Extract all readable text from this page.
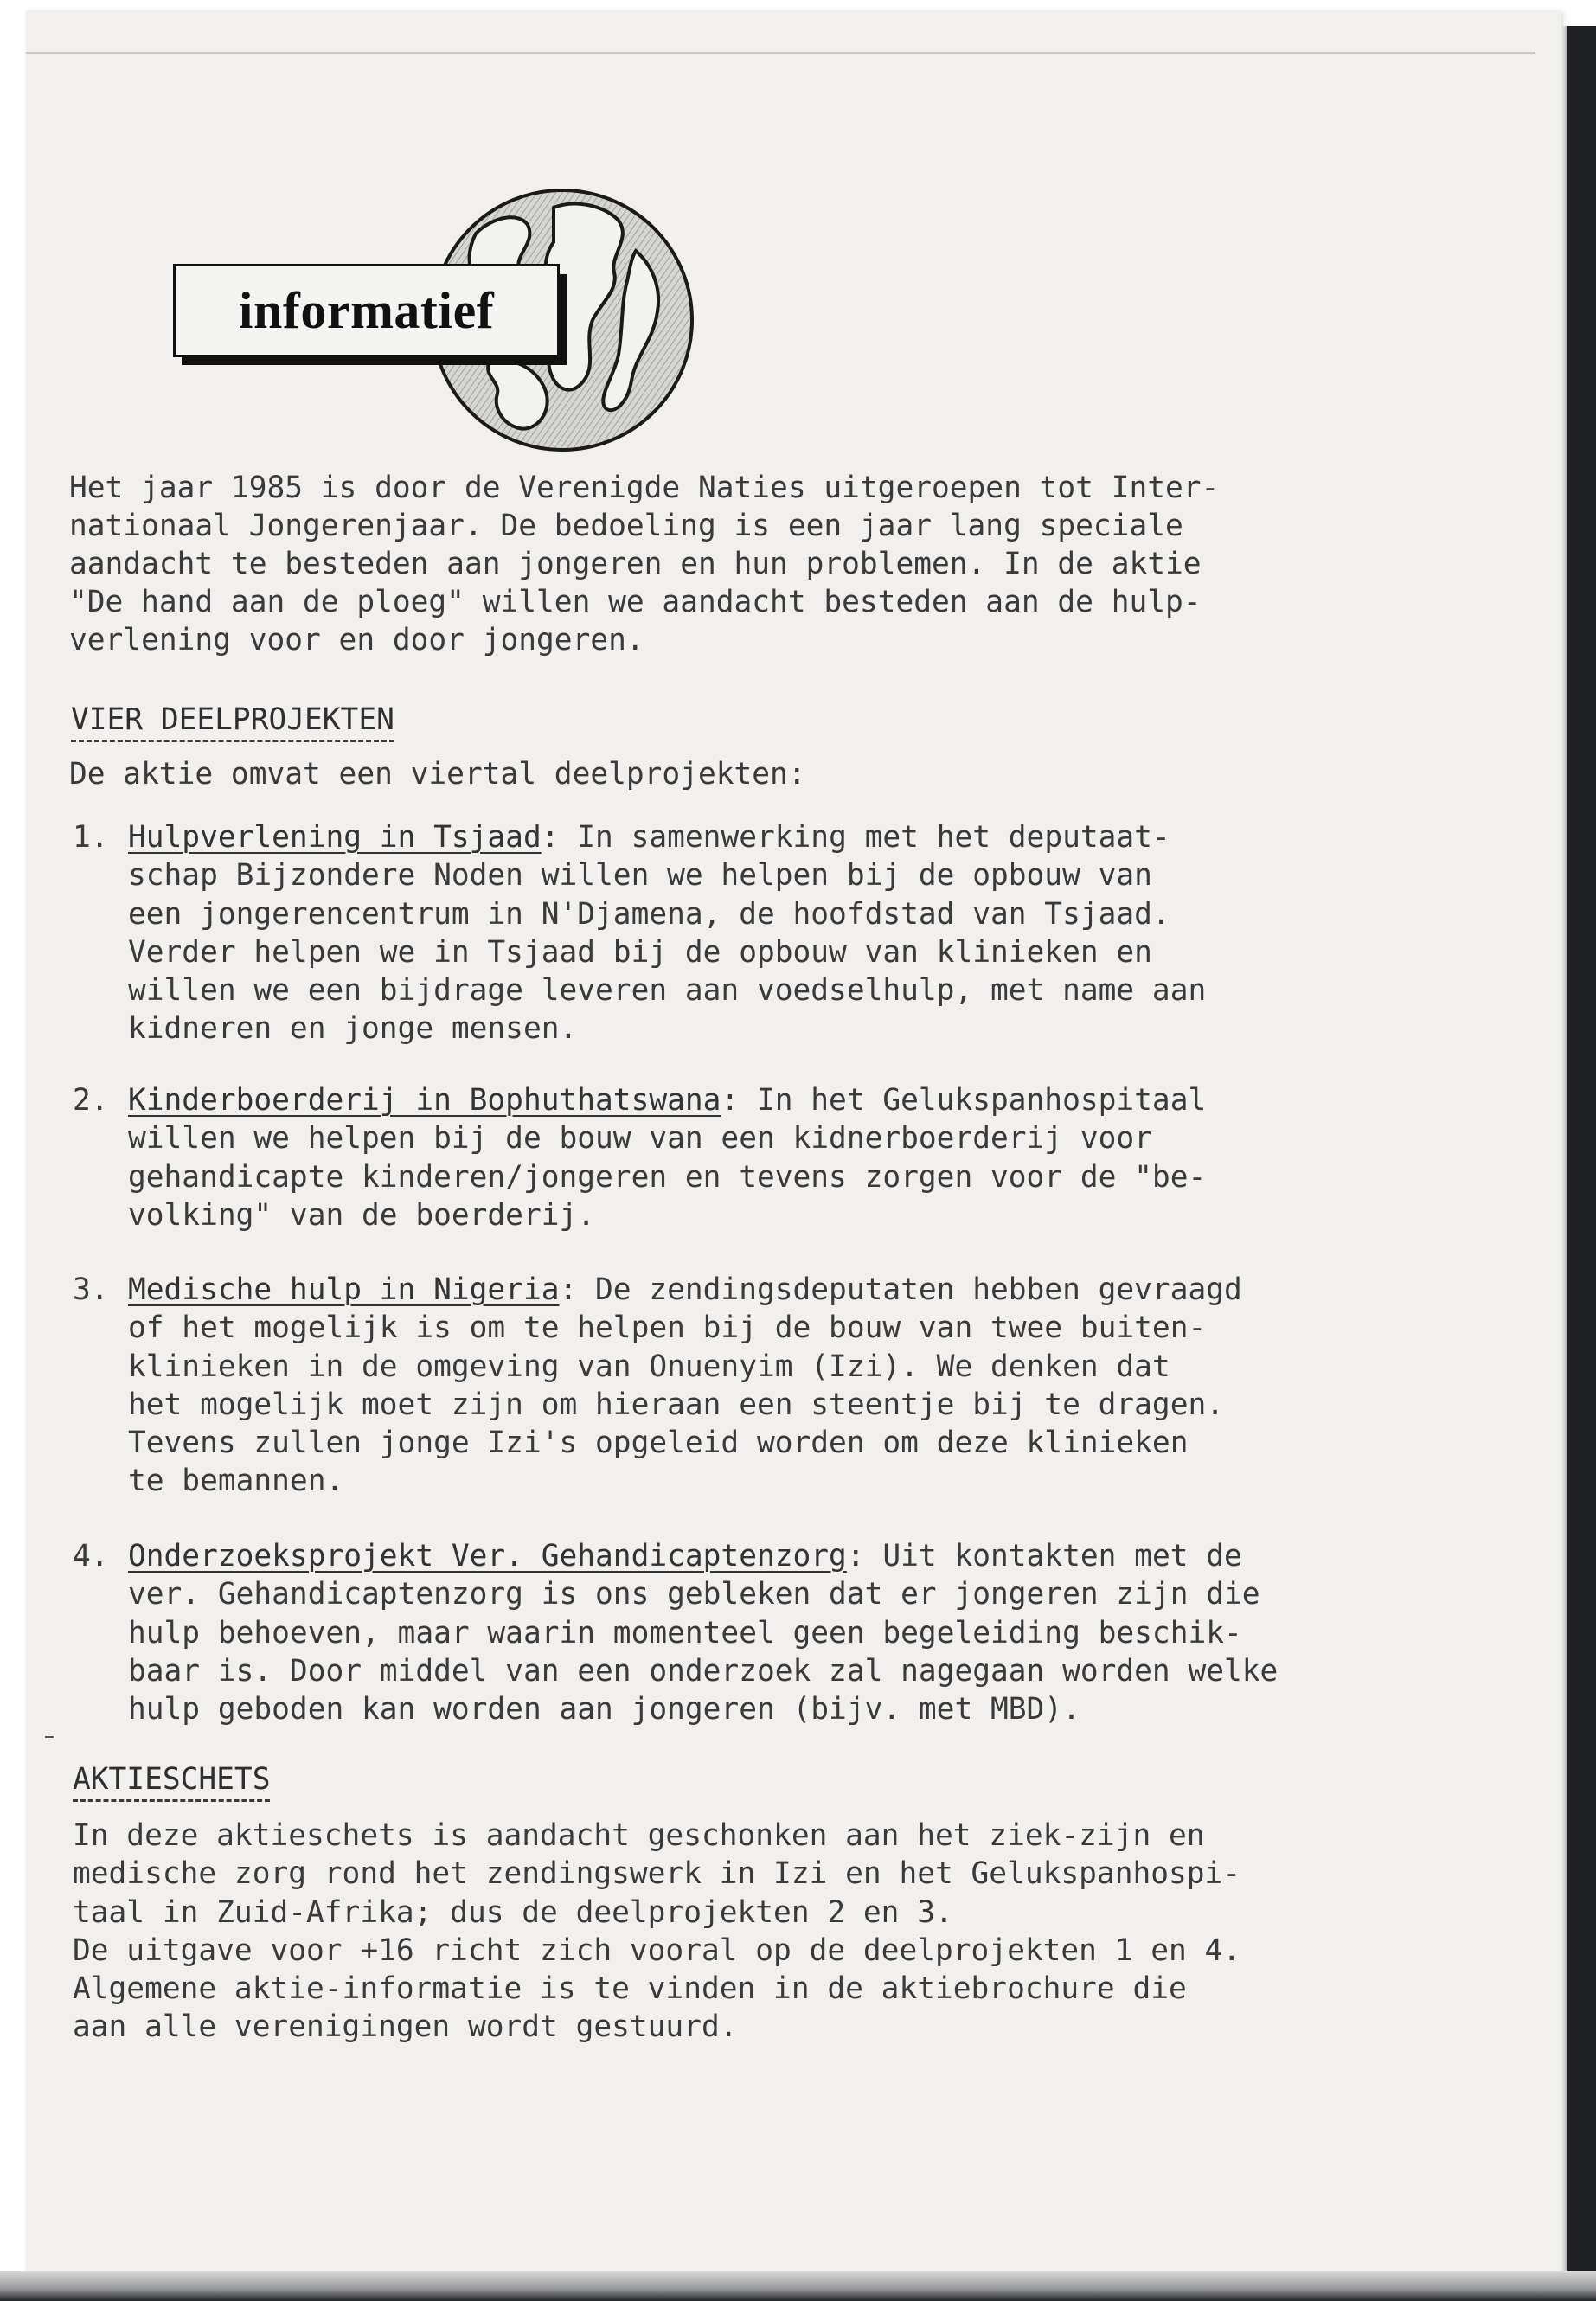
informatief
Het jaar 1985 is door de Verenigde Naties uitgeroepen tot Inter-
nationaal Jongerenjaar. De bedoeling is een jaar lang speciale
aandacht te besteden aan jongeren en hun problemen. In de aktie
"De hand aan de ploeg" willen we aandacht besteden aan de hulp-
verlening voor en door jongeren.
VIER DEELPROJEKTEN
De aktie omvat een viertal deelprojekten:
1. Hulpverlening in Tsjaad: In samenwerking met het deputaat-
schap Bijzondere Noden willen we helpen bij de opbouw van
een jongerencentrum in N'Djamena, de hoofdstad van Tsjaad.
Verder helpen we in Tsjaad bij de opbouw van klinieken en
willen we een bijdrage leveren aan voedselhulp, met name aan
kidneren en jonge mensen.
2. Kinderboerderij in Bophuthatswana: In het Gelukspanhospitaal
willen we helpen bij de bouw van een kidnerboerderij voor
gehandicapte kinderen/jongeren en tevens zorgen voor de "be-
volking" van de boerderij.
3. Medische hulp in Nigeria: De zendingsdeputaten hebben gevraagd
of het mogelijk is om te helpen bij de bouw van twee buiten-
klinieken in de omgeving van Onuenyim (Izi). We denken dat
het mogelijk moet zijn om hieraan een steentje bij te dragen.
Tevens zullen jonge Izi's opgeleid worden om deze klinieken
te bemannen.
4. Onderzoeksprojekt Ver. Gehandicaptenzorg: Uit kontakten met de
ver. Gehandicaptenzorg is ons gebleken dat er jongeren zijn die
hulp behoeven, maar waarin momenteel geen begeleiding beschik-
baar is. Door middel van een onderzoek zal nagegaan worden welke
hulp geboden kan worden aan jongeren (bijv. met MBD).
AKTIESCHETS
In deze aktieschets is aandacht geschonken aan het ziek-zijn en
medische zorg rond het zendingswerk in Izi en het Gelukspanhospi-
taal in Zuid-Afrika; dus de deelprojekten 2 en 3.
De uitgave voor +16 richt zich vooral op de deelprojekten 1 en 4.
Algemene aktie-informatie is te vinden in de aktiebrochure die
aan alle verenigingen wordt gestuurd.
